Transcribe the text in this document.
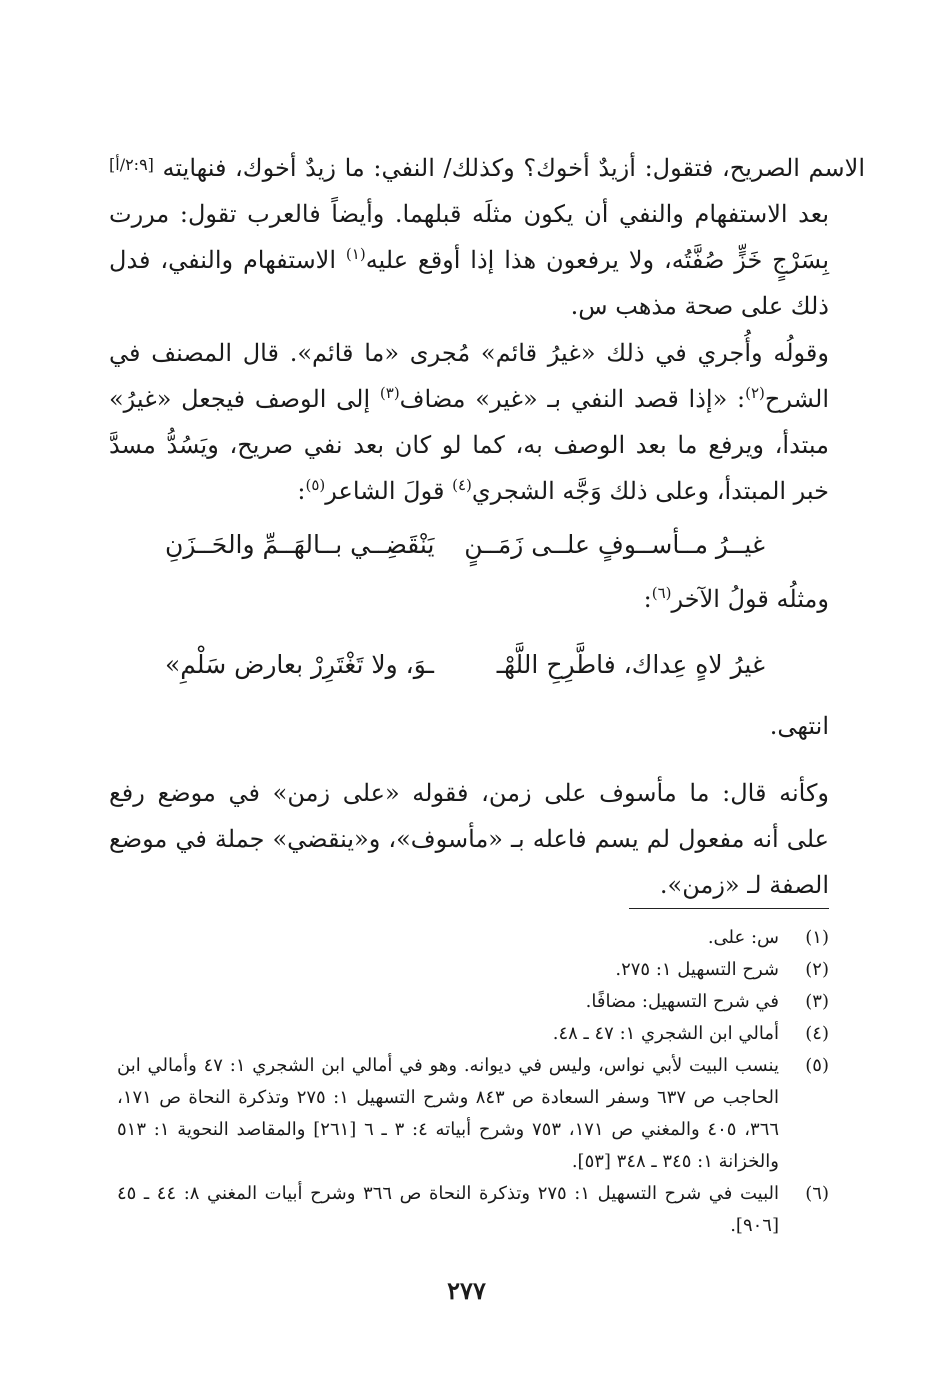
الاسم الصريح، فتقول: أزيدٌ أخوك؟ وكذلك/ النفي: ما زيدٌ أخوك، فنهايته [٢:٩/أ]
بعد الاستفهام والنفي أن يكون مثلَه قبلهما. وأيضاً فالعرب تقول: مررت
بِسَرْجٍ خَزٍّ صُفَّتُه، ولا يرفعون هذا إذا أوقع عليه$^{(١)}$ الاستفهام والنفي، فدل
ذلك على صحة مذهب س.
وقولُه وأُجري في ذلك «غيرُ قائم» مُجرى «ما قائم». قال المصنف في
الشرح$^{(٢)}$: «إذا قصد النفي بـ «غير» مضاف$^{(٣)}$ إلى الوصف فيجعل «غيرُ»
مبتدأ، ويرفع ما بعد الوصف به، كما لو كان بعد نفي صريح، ويَسُدُّ مسدَّ
خبر المبتدأ، وعلى ذلك وَجَّه الشجري$^{(٤)}$ قولَ الشاعر$^{(٥)}$:
غيــرُ مــأســوفٍ علــى زَمَــنٍ
يَنْقَضِــي بــالهَــمِّ والحَــزَنِ
ومثلُه قولُ الآخر$^{(٦)}$:
غيرُ لاهٍ عِداك، فاطَّرِحِ اللَّهْـ
ـوَ، ولا تَغْتَرِرْ بعارض سَلْمِ»
انتهى.
وكأنه قال: ما مأسوف على زمن، فقوله «على زمن» في موضع رفع
على أنه مفعول لم يسم فاعله بـ «مأسوف»، و«ينقضي» جملة في موضع
الصفة لـ «زمن».
(١)
س: على.
(٢)
شرح التسهيل ١: ٢٧٥.
(٣)
في شرح التسهيل: مضافًا.
(٤)
أمالي ابن الشجري ١: ٤٧ ـ ٤٨.
(٥)
ينسب البيت لأبي نواس، وليس في ديوانه. وهو في أمالي ابن الشجري ١: ٤٧ وأمالي ابن الحاجب ص ٦٣٧ وسفر السعادة ص ٨٤٣ وشرح التسهيل ١: ٢٧٥ وتذكرة النحاة ص ١٧١، ٣٦٦، ٤٠٥ والمغني ص ١٧١، ٧٥٣ وشرح أبياته ٤: ٣ ـ ٦ [٢٦١] والمقاصد النحوية ١: ٥١٣ والخزانة ١: ٣٤٥ ـ ٣٤٨ [٥٣].
(٦)
البيت في شرح التسهيل ١: ٢٧٥ وتذكرة النحاة ص ٣٦٦ وشرح أبيات المغني ٨: ٤٤ ـ ٤٥ [٩٠٦].
٢٧٧
